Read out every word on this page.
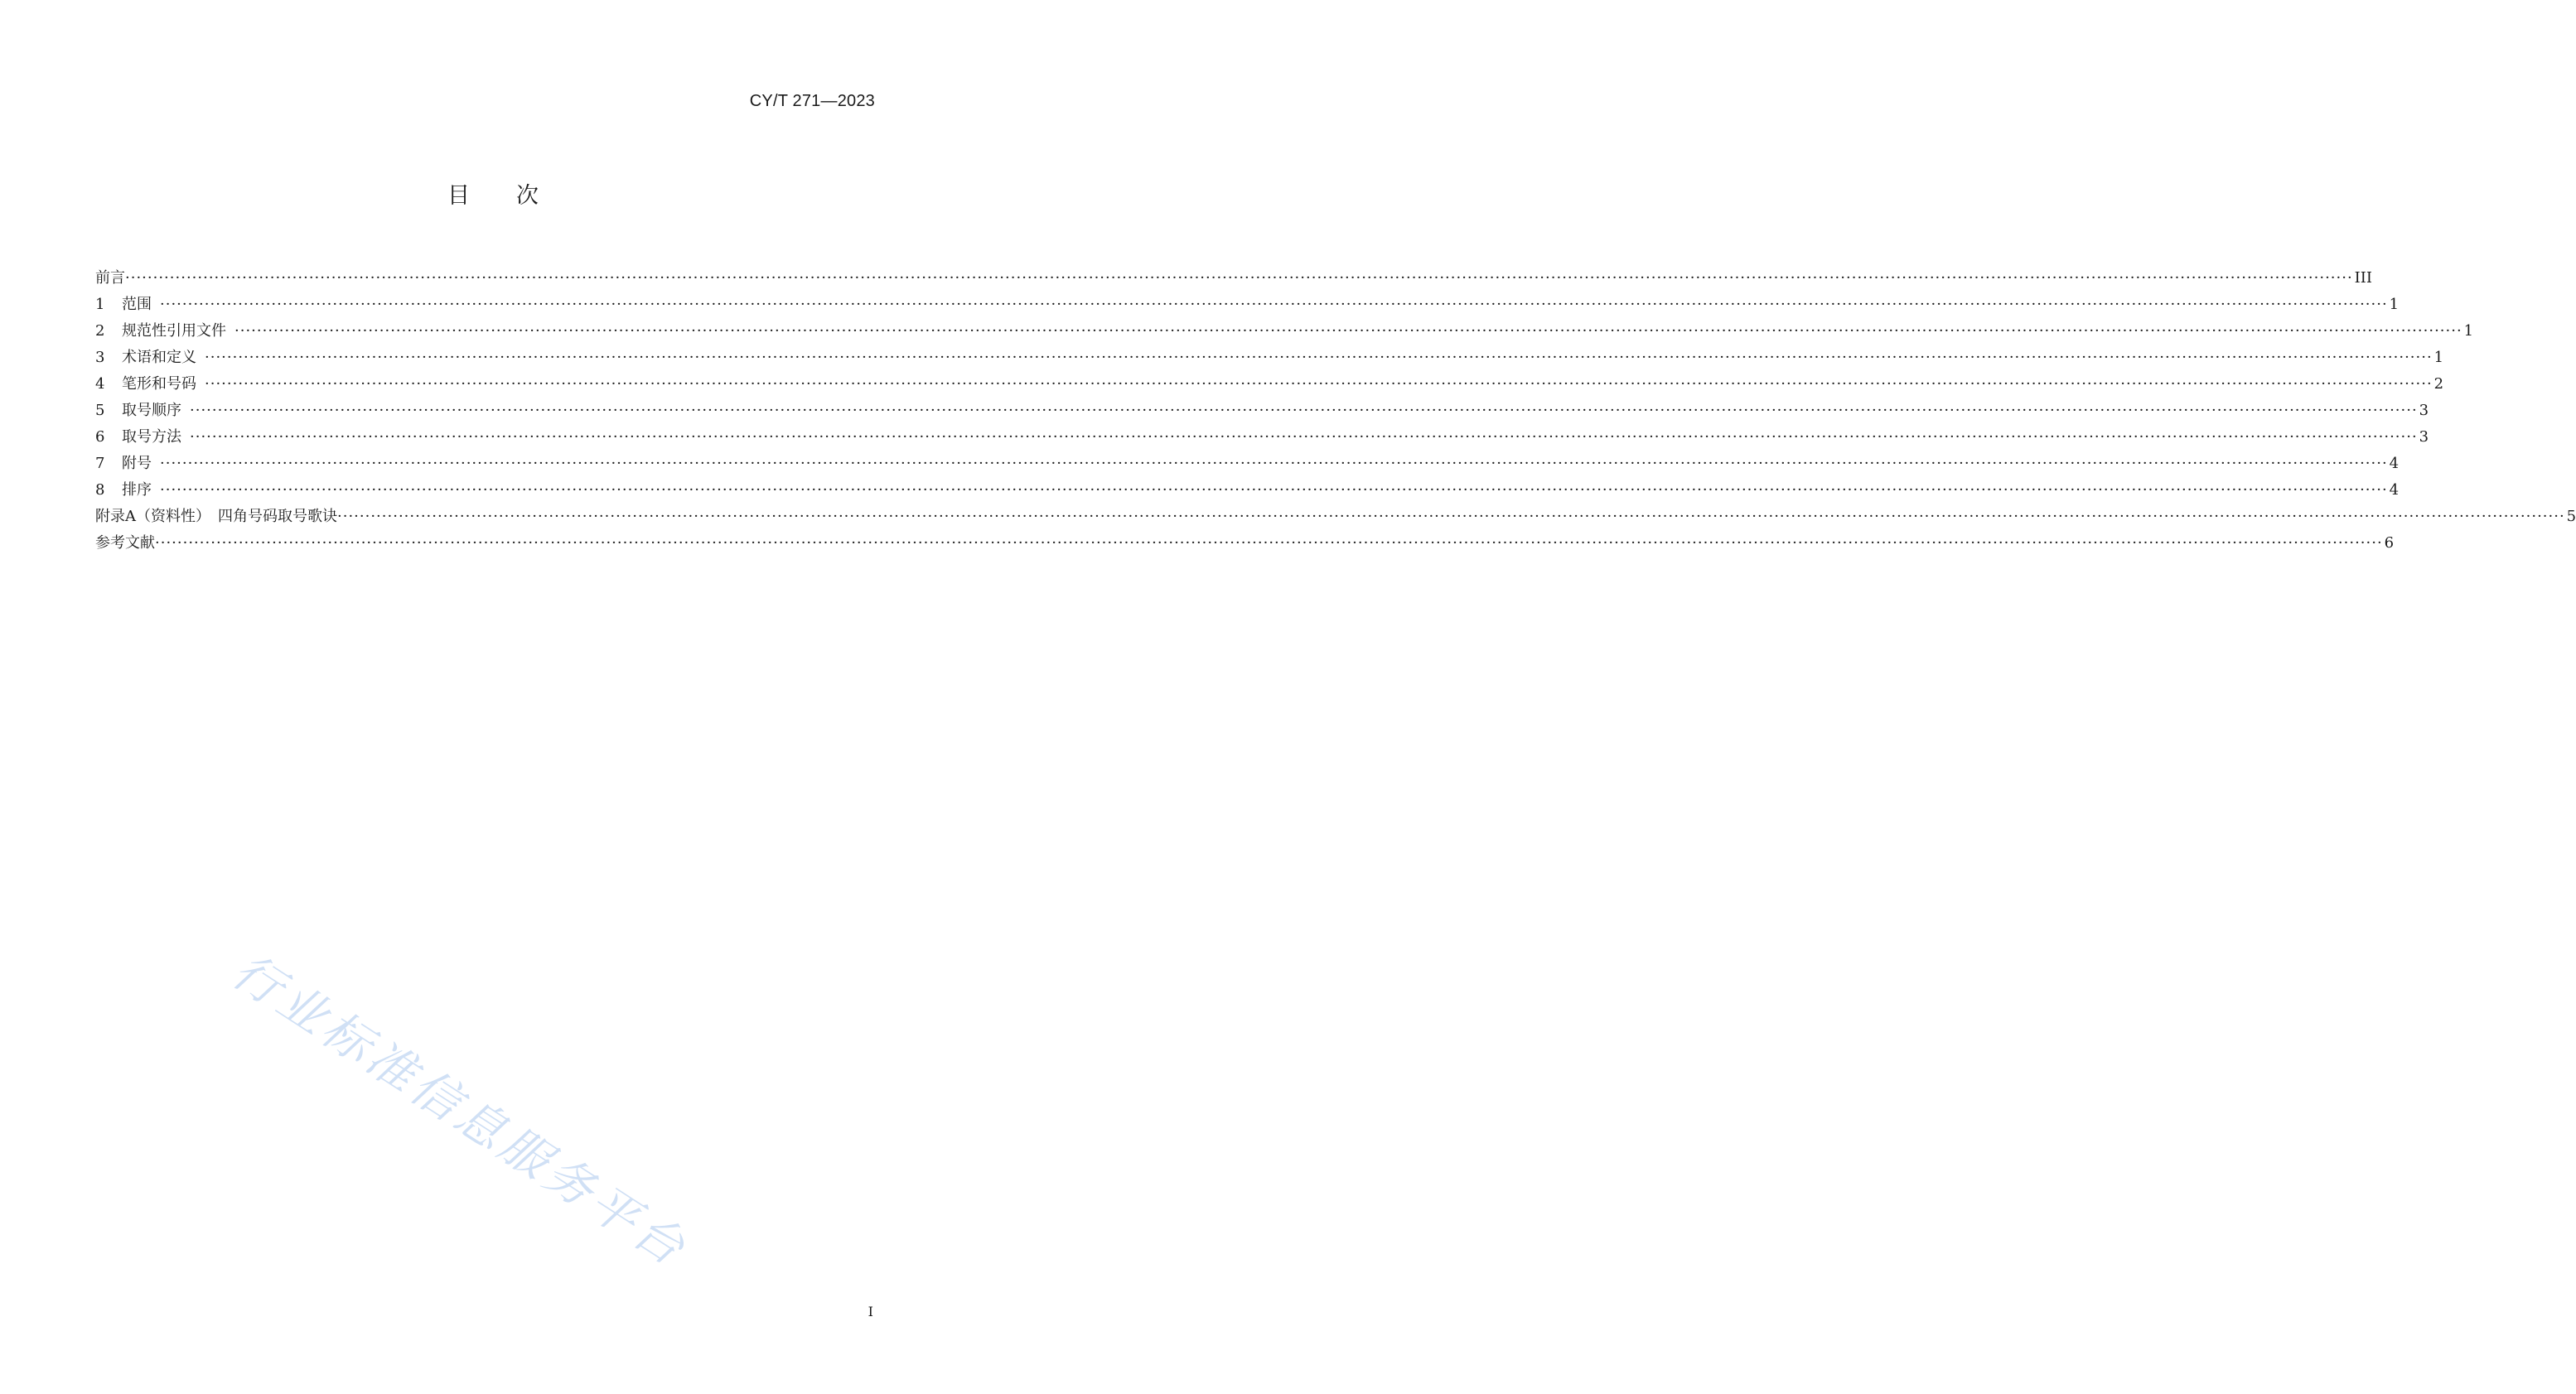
CY/T 271—2023
目次
前言 ················································································································································································································································································································································································································ III
1	范围 ················································································································································································································································································································································································································ 1
2	规范性引用文件 ················································································································································································································································································································································································································ 1
3	术语和定义 ················································································································································································································································································································································································································ 1
4	笔形和号码 ················································································································································································································································································································································································································ 2
5	取号顺序 ················································································································································································································································································································································································································ 3
6	取号方法 ················································································································································································································································································································································································································ 3
7	附号 ················································································································································································································································································································································································································ 4
8	排序 ················································································································································································································································································································································································································ 4
附录A（资料性）　四角号码取号歌诀 ················································································································································································································································································································································································································ 5
参考文献 ················································································································································································································································································································································································································ 6
I
行业标准信息服务平台
